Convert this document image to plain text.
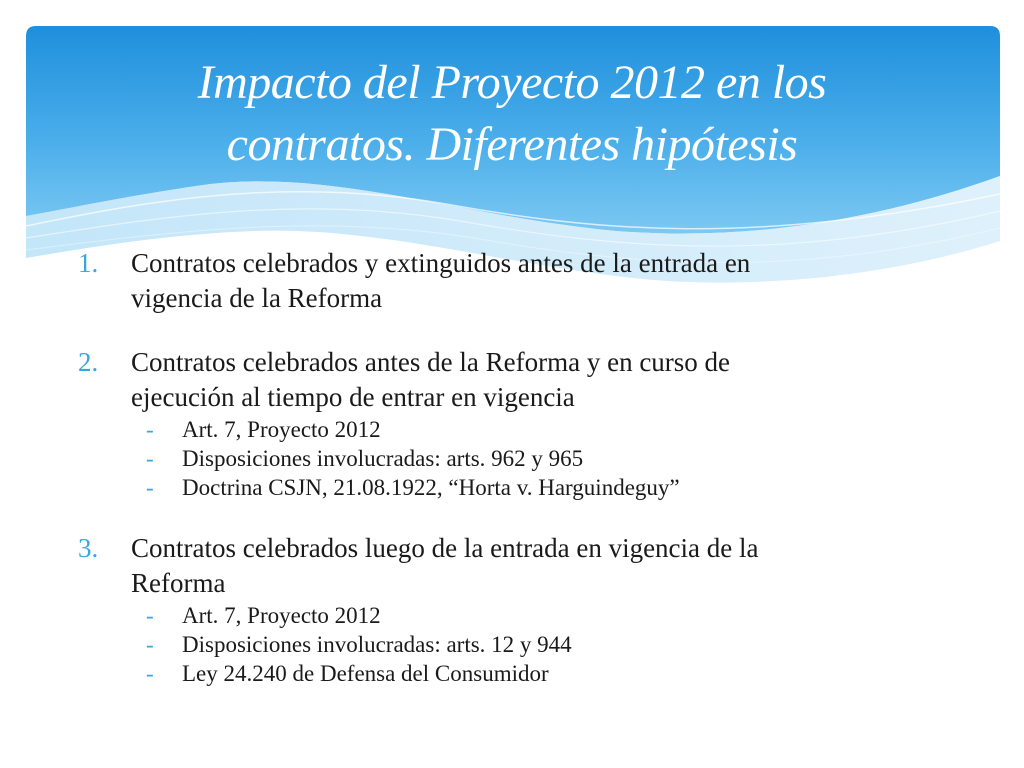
Impacto del Proyecto 2012 en los
contratos. Diferentes hipótesis
1.	Contratos celebrados y extinguidos antes de la entrada en
vigencia de la Reforma
2.	Contratos celebrados antes de la Reforma y en curso de
ejecución al tiempo de entrar en vigencia
- Art. 7, Proyecto 2012
- Disposiciones involucradas: arts. 962 y 965
- Doctrina CSJN, 21.08.1922, “Horta v. Harguindeguy”
3.	Contratos celebrados luego de la entrada en vigencia de la
Reforma
- Art. 7, Proyecto 2012
- Disposiciones involucradas: arts. 12 y 944
- Ley 24.240 de Defensa del Consumidor
